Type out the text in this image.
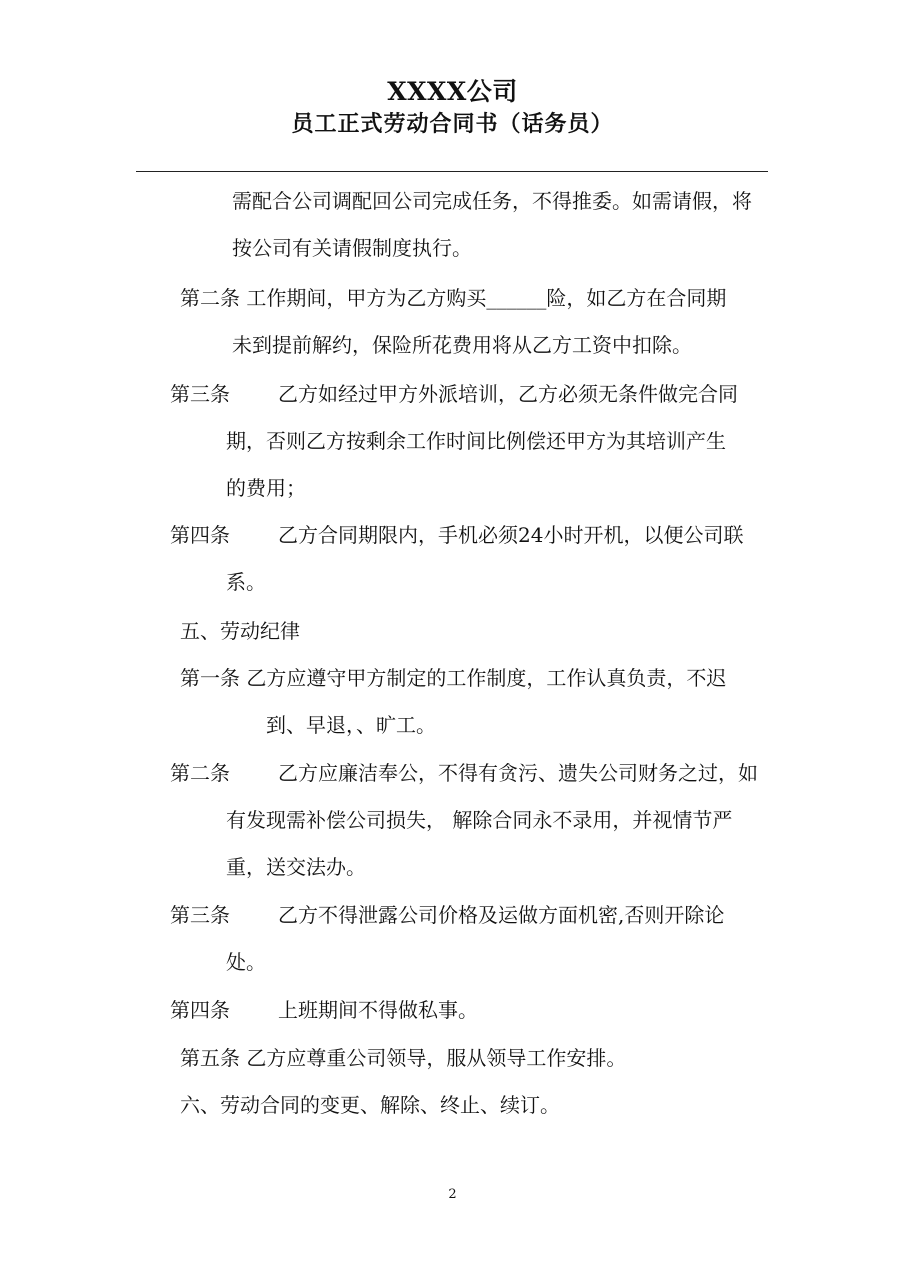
XXXX公司
员工正式劳动合同书（话务员）
需配合公司调配回公司完成任务，不得推委。如需请假，将
按公司有关请假制度执行。
第二条 工作期间，甲方为乙方购买______险，如乙方在合同期
未到提前解约，保险所花费用将从乙方工资中扣除。
第三条 乙方如经过甲方外派培训，乙方必须无条件做完合同
期，否则乙方按剩余工作时间比例偿还甲方为其培训产生
的费用；
第四条 乙方合同期限内，手机必须24小时开机，以便公司联
系。
五、劳动纪律
第一条 乙方应遵守甲方制定的工作制度，工作认真负责，不迟
到、早退，、旷工。
第二条 乙方应廉洁奉公，不得有贪污、遗失公司财务之过，如
有发现需补偿公司损失， 解除合同永不录用，并视情节严
重，送交法办。
第三条 乙方不得泄露公司价格及运做方面机密,否则开除论
处。
第四条 上班期间不得做私事。
第五条 乙方应尊重公司领导，服从领导工作安排。
六、劳动合同的变更、解除、终止、续订。
2
